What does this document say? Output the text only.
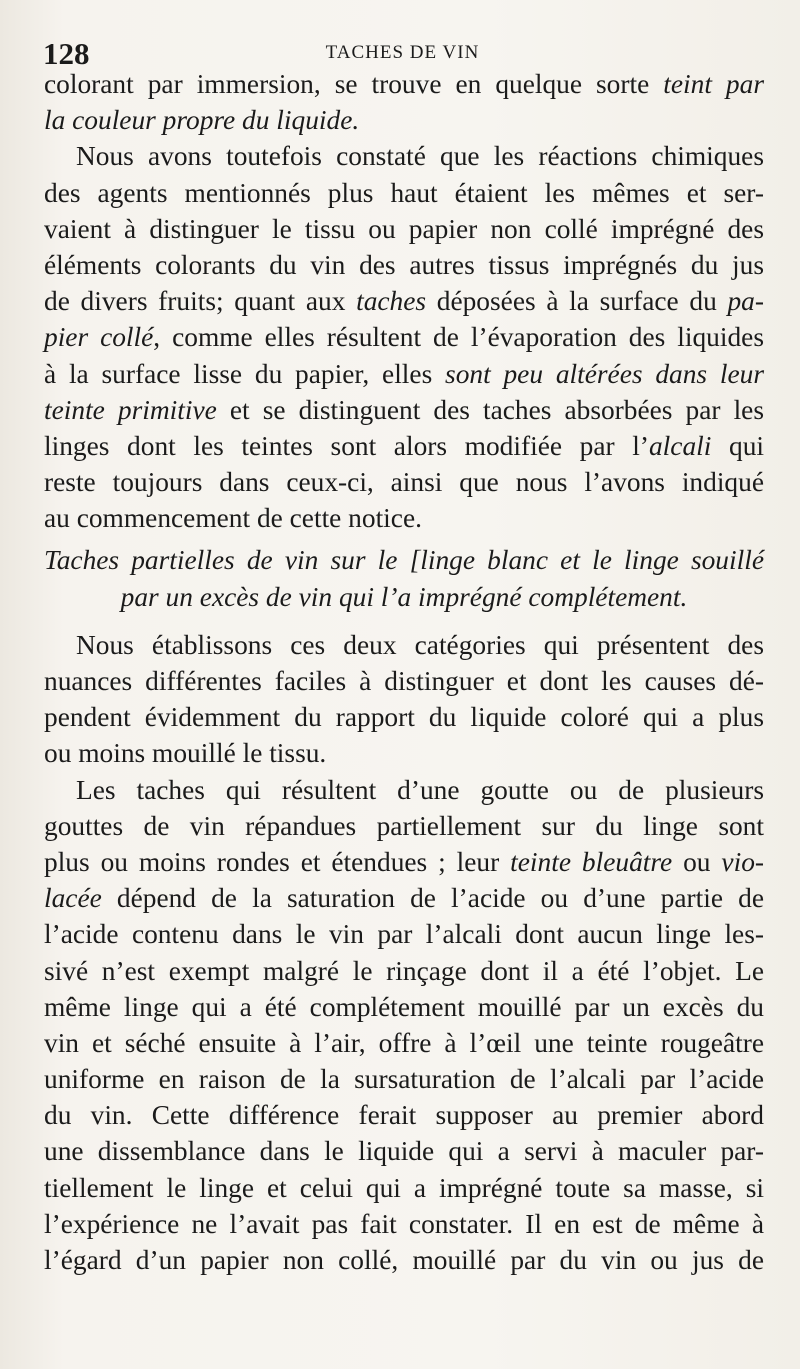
128	TACHES DE VIN
colorant par immersion, se trouve en quelque sorte teint par
la couleur propre du liquide.
Nous avons toutefois constaté que les réactions chimiques
des agents mentionnés plus haut étaient les mêmes et ser-
vaient à distinguer le tissu ou papier non collé imprégné des
éléments colorants du vin des autres tissus imprégnés du jus
de divers fruits; quant aux taches déposées à la surface du pa-
pier collé, comme elles résultent de l’évaporation des liquides
à la surface lisse du papier, elles sont peu altérées dans leur
teinte primitive et se distinguent des taches absorbées par les
linges dont les teintes sont alors modifiée par l’alcali qui
reste toujours dans ceux-ci, ainsi que nous l’avons indiqué
au commencement de cette notice.
Taches partielles de vin sur le [linge blanc et le linge souillé
par un excès de vin qui l’a imprégné complétement.
Nous établissons ces deux catégories qui présentent des
nuances différentes faciles à distinguer et dont les causes dé-
pendent évidemment du rapport du liquide coloré qui a plus
ou moins mouillé le tissu.
Les taches qui résultent d’une goutte ou de plusieurs
gouttes de vin répandues partiellement sur du linge sont
plus ou moins rondes et étendues ; leur teinte bleuâtre ou vio-
lacée dépend de la saturation de l’acide ou d’une partie de
l’acide contenu dans le vin par l’alcali dont aucun linge les-
sivé n’est exempt malgré le rinçage dont il a été l’objet. Le
même linge qui a été complétement mouillé par un excès du
vin et séché ensuite à l’air, offre à l’œil une teinte rougeâtre
uniforme en raison de la sursaturation de l’alcali par l’acide
du vin. Cette différence ferait supposer au premier abord
une dissemblance dans le liquide qui a servi à maculer par-
tiellement le linge et celui qui a imprégné toute sa masse, si
l’expérience ne l’avait pas fait constater. Il en est de même à
l’égard d’un papier non collé, mouillé par du vin ou jus de
